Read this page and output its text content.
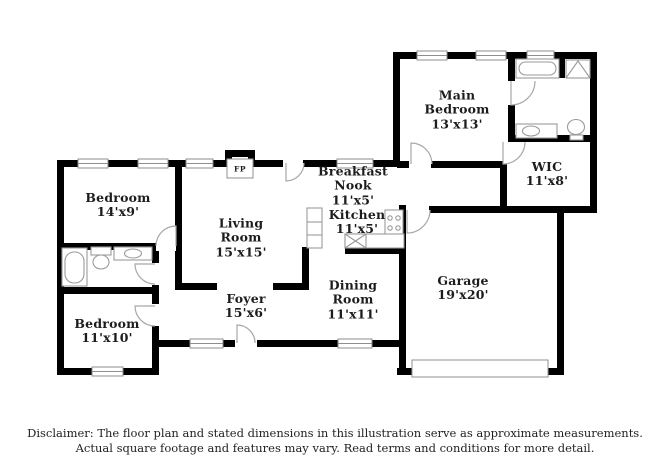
Main Bedroom
13'x13'
WIC
11'x8'
Breakfast Nook
11'x5'
Kitchen
11'x5'
Bedroom
14'x9'
Living Room
15'x15'
Foyer
15'x6'
Dining Room
11'x11'
Bedroom
11'x10'
Garage
19'x20'
FP
Disclaimer: The floor plan and stated dimensions in this illustration serve as approximate measurements.
Actual square footage and features may vary. Read terms and conditions for more detail.
